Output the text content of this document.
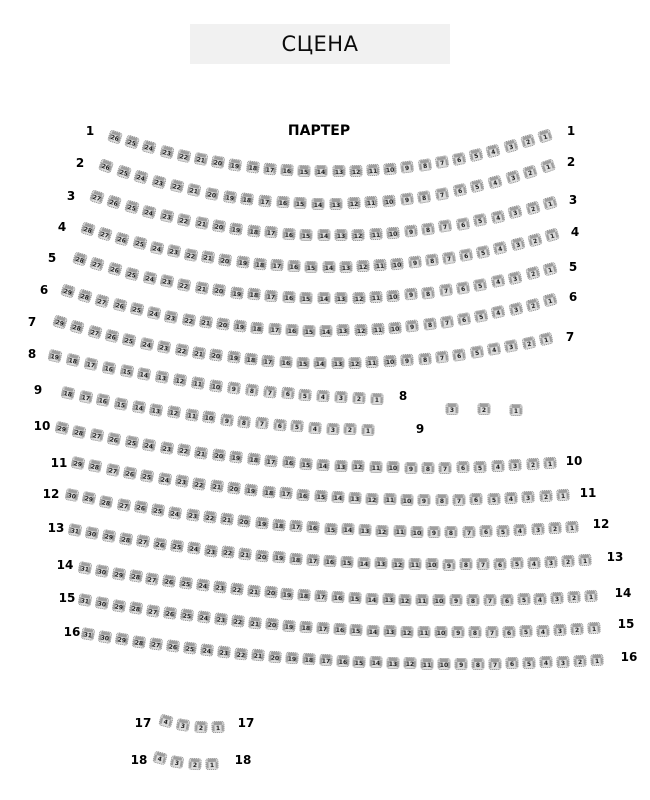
СЦЕНА
ПАРТЕР
1	1
26
25
24 23 22 21 20 19 18 17 16 15 14 13 12 11 10	9	8	7	6	5
4
3
2
1
2	2
26
25
24
23 22 21 20 19 18 17 16 15 14 13 12 11 10	9	8	7	6
5
4
3
2
1
3	3
27
26
25
24 23 22 21 20 19 18 17 16 15 14 13 12 11 10	9	8	7	6	5	4
3
2
1
4	4
28
27
26 25 24 23 22 21 20 19 18 17 16 15 14 13 12 11 10	9	8	7	6	5	4
3
2
1
5
5
28
27
26
25 24 23 22 21 20 19 18 17 16 15 14 13 12 11 10	9	8	7	6	5	4	3
2
1
6	6
29
28
27 26 25 24 23 22 21 20 19 18 17 16 15 14 13 12 11 10	9	8	7	6	5	4	3
2
1
7
7
29
28
27 26 25 24 23 22 21 20 19 18 17 16 15 14 13 12 11 10	9	8	7	6	5	4	3	2	1
8
8
19 18 17 16 15 14 13 12 11 10	9	8	7	6	5	4	3	2	1
9
9
18 17 16 15 14 13 12 11 10	9	8	7	6	5	4	3	2	1
10
10
29 28 27 26 25 24 23 22 21 20 19 18 17 16 15 14 13 12 11 10	9	8	7	6	5	4	3	2	1
11
11
29 28 27 26 25 24 23 22 21 20 19 18 17 16 15 14 13 12 11 10	9	8	7	6	5	4	3	2	1
12
12
30 29 28 27 26 25 24 23 22 21 20 19 18 17 16 15 14 13 12 11 10	9	8	7	6	5	4	3	2	1
13
13
31 30 29 28 27 26 25 24 23 22 21 20 19 18 17 16 15 14 13 12 11 10	9	8	7	6	5	4	3	2	1
14
14
31 30 29 28 27 26 25 24 23 22 21 20 19 18 17 16 15 14 13 12 11 10	9	8	7	6	5	4	3	2	1
15
15
31 30 29 28 27 26 25 24 23 22 21 20 19 18 17 16 15 14 13 12 11 10	9	8	7	6	5	4	3	2	1
16
16
31 30 29 28 27 26 25 24 23 22 21 20 19 18 17 16 15 14 13 12 11 10	9	8	7	6	5	4	3	2	1
17	17
4	3	2	1
18	18
4	3	2	1
3	2	1
